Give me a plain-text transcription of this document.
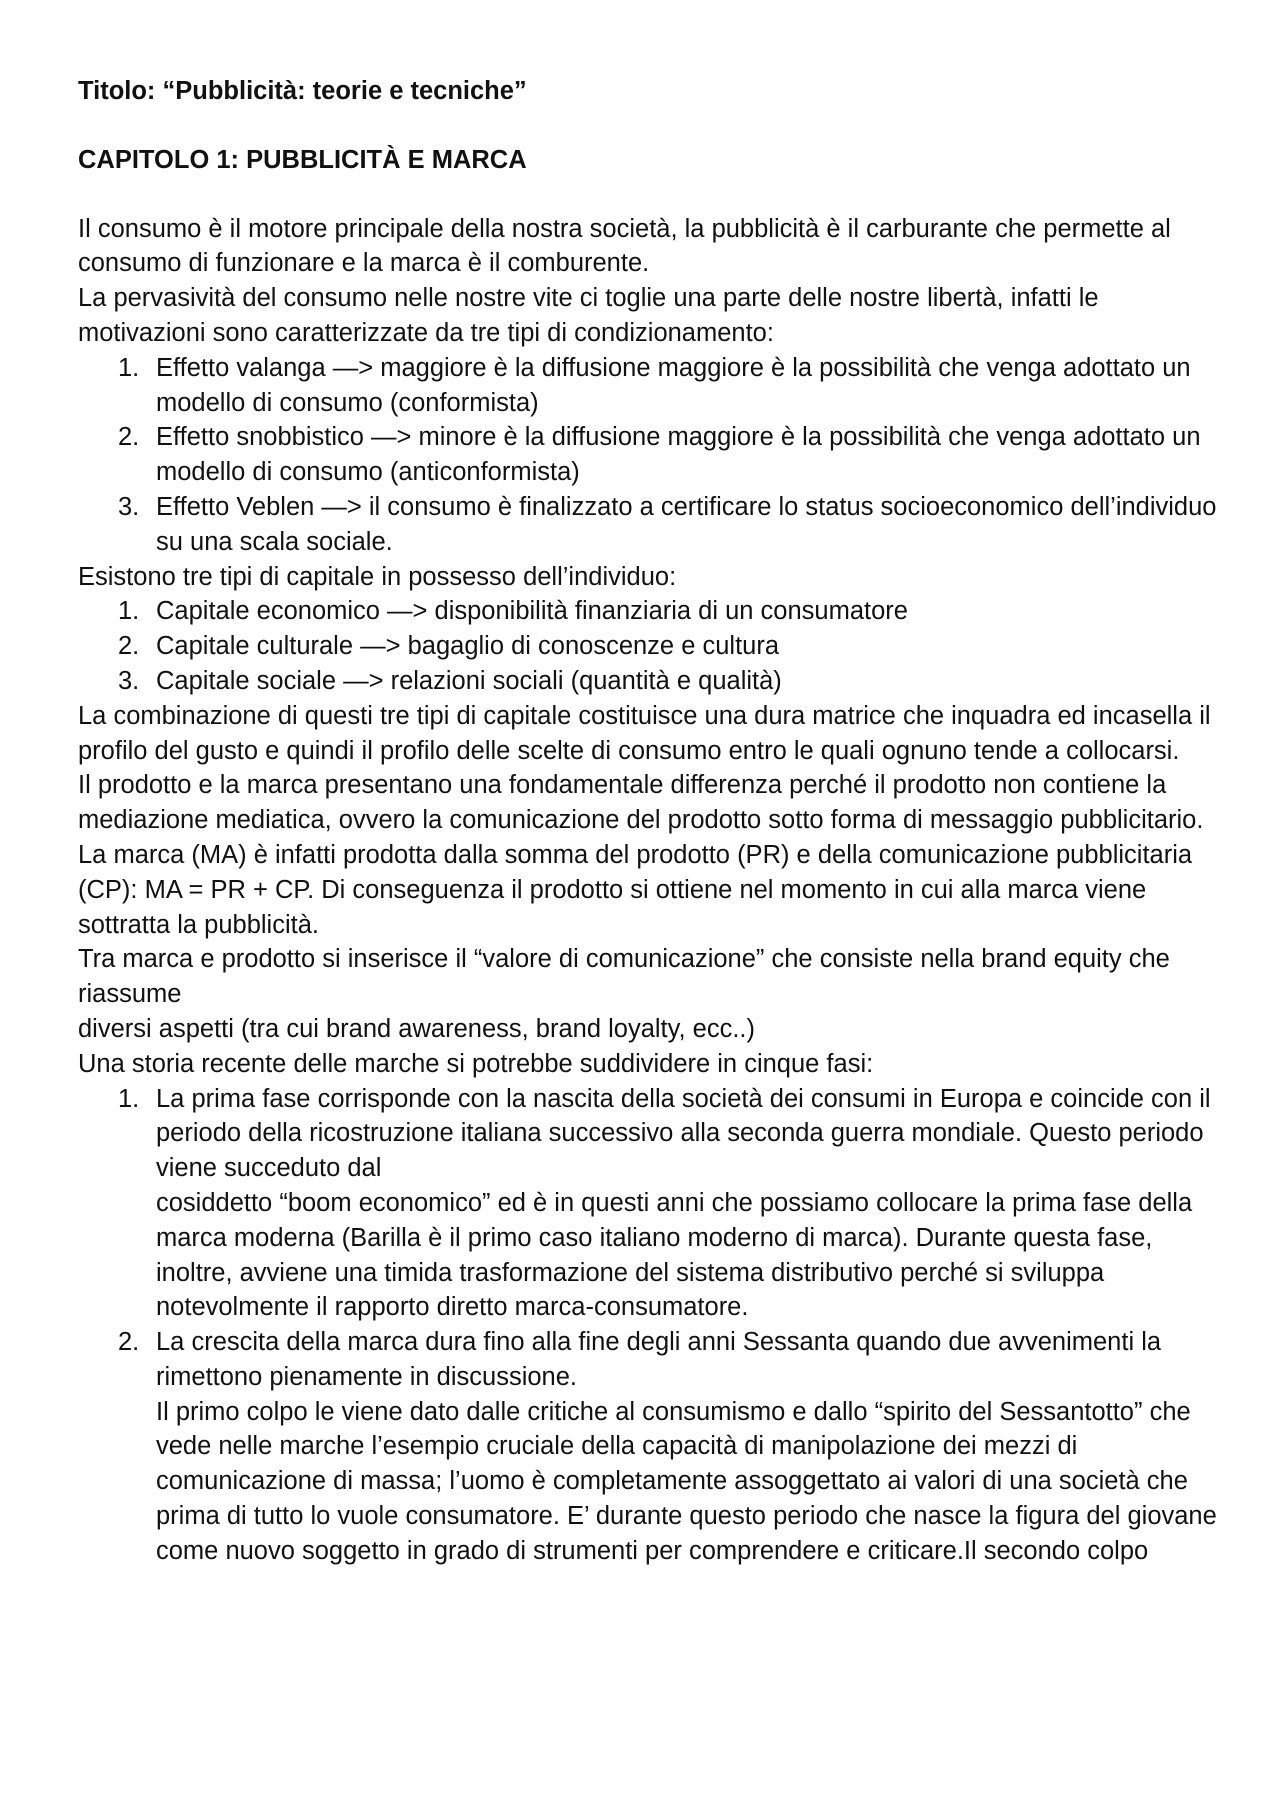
Titolo: “Pubblicità: teorie e tecniche”

CAPITOLO 1: PUBBLICITÀ E MARCA

Il consumo è il motore principale della nostra società, la pubblicità è il carburante che permette al consumo di funzionare e la marca è il comburente.

La pervasività del consumo nelle nostre vite ci toglie una parte delle nostre libertà, infatti le motivazioni sono caratterizzate da tre tipi di condizionamento:

1. Effetto valanga —> maggiore è la diffusione maggiore è la possibilità che venga adottato un modello di consumo (conformista)
2. Effetto snobbistico —> minore è la diffusione maggiore è la possibilità che venga adottato un modello di consumo (anticonformista)
3. Effetto Veblen —> il consumo è finalizzato a certificare lo status socioeconomico dell’individuo su una scala sociale.

Esistono tre tipi di capitale in possesso dell’individuo:

1. Capitale economico —> disponibilità finanziaria di un consumatore
2. Capitale culturale —> bagaglio di conoscenze e cultura
3. Capitale sociale —> relazioni sociali (quantità e qualità)

La combinazione di questi tre tipi di capitale costituisce una dura matrice che inquadra ed incasella il profilo del gusto e quindi il profilo delle scelte di consumo entro le quali ognuno tende a collocarsi.

Il prodotto e la marca presentano una fondamentale differenza perché il prodotto non contiene la mediazione mediatica, ovvero la comunicazione del prodotto sotto forma di messaggio pubblicitario. La marca (MA) è infatti prodotta dalla somma del prodotto (PR) e della comunicazione pubblicitaria (CP): MA = PR + CP. Di conseguenza il prodotto si ottiene nel momento in cui alla marca viene sottratta la pubblicità.

Tra marca e prodotto si inserisce il “valore di comunicazione” che consiste nella brand equity che riassume

diversi aspetti (tra cui brand awareness, brand loyalty, ecc..)

Una storia recente delle marche si potrebbe suddividere in cinque fasi:

1. La prima fase corrisponde con la nascita della società dei consumi in Europa e coincide con il periodo della ricostruzione italiana successivo alla seconda guerra mondiale. Questo periodo viene succeduto dal
cosiddetto “boom economico” ed è in questi anni che possiamo collocare la prima fase della marca moderna (Barilla è il primo caso italiano moderno di marca). Durante questa fase, inoltre, avviene una timida trasformazione del sistema distributivo perché si sviluppa notevolmente il rapporto diretto marca-consumatore.
2. La crescita della marca dura fino alla fine degli anni Sessanta quando due avvenimenti la rimettono pienamente in discussione.
Il primo colpo le viene dato dalle critiche al consumismo e dallo “spirito del Sessantotto” che vede nelle marche l’esempio cruciale della capacità di manipolazione dei mezzi di comunicazione di massa; l’uomo è completamente assoggettato ai valori di una società che prima di tutto lo vuole consumatore. E’ durante questo periodo che nasce la figura del giovane come nuovo soggetto in grado di strumenti per comprendere e criticare.Il secondo colpo
